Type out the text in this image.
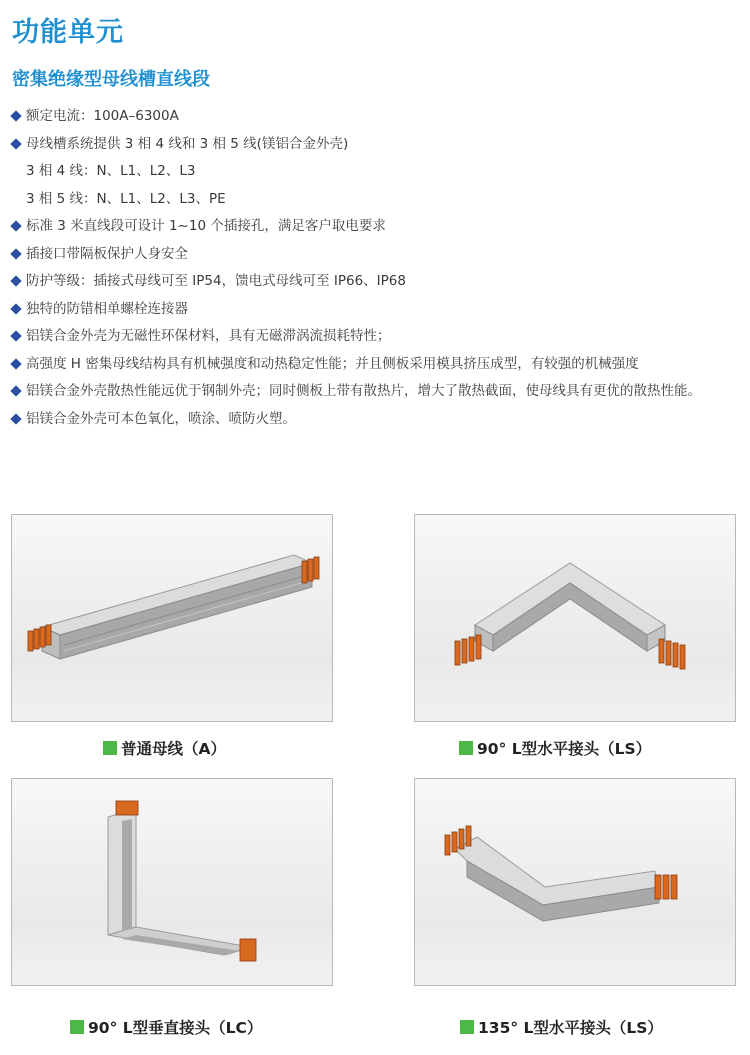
功能单元
密集绝缘型母线槽直线段
额定电流：100A–6300A
母线槽系统提供 3 相 4 线和 3 相 5 线(镁铝合金外壳)
3 相 4 线：N、L1、L2、L3
3 相 5 线：N、L1、L2、L3、PE
标准 3 米直线段可设计 1~10 个插接孔，满足客户取电要求
插接口带隔板保护人身安全
防护等级：插接式母线可至 IP54，馈电式母线可至 IP66、IP68
独特的防错相单螺栓连接器
铝镁合金外壳为无磁性环保材料，具有无磁滞涡流损耗特性；
高强度 H 密集母线结构具有机械强度和动热稳定性能；并且侧板采用模具挤压成型，有较强的机械强度
铝镁合金外壳散热性能远优于钢制外壳；同时侧板上带有散热片，增大了散热截面，使母线具有更优的散热性能。
铝镁合金外壳可本色氧化，喷涂、喷防火塑。
普通母线（A）	90° L型水平接头（LS）
90° L型垂直接头（LC）	135° L型水平接头（LS）
